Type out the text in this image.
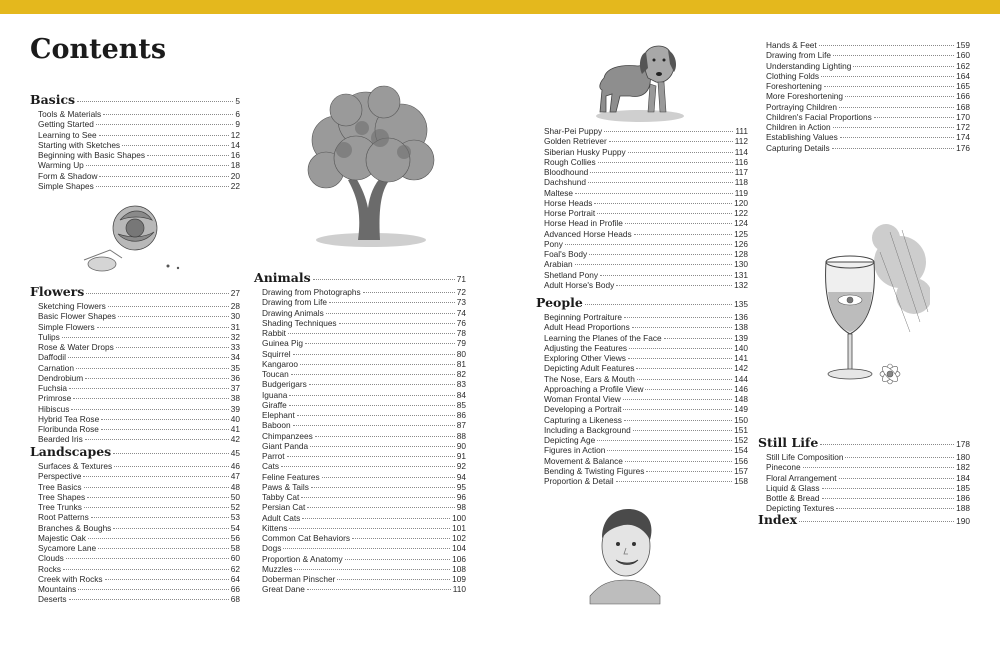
Contents
Basics	5
Tools & Materials	6
Getting Started	9
Learning to See	12
Starting with Sketches	14
Beginning with Basic Shapes	16
Warming Up	18
Form & Shadow	20
Simple Shapes	22
Flowers	27
Sketching Flowers	28
Basic Flower Shapes	30
Simple Flowers	31
Tulips	32
Rose & Water Drops	33
Daffodil	34
Carnation	35
Dendrobium	36
Fuchsia	37
Primrose	38
Hibiscus	39
Hybrid Tea Rose	40
Floribunda Rose	41
Bearded Iris	42
Landscapes	45
Surfaces & Textures	46
Perspective	47
Tree Basics	48
Tree Shapes	50
Tree Trunks	52
Root Patterns	53
Branches & Boughs	54
Majestic Oak	56
Sycamore Lane	58
Clouds	60
Rocks	62
Creek with Rocks	64
Mountains	66
Deserts	68
Animals	71
Drawing from Photographs	72
Drawing from Life	73
Drawing Animals	74
Shading Techniques	76
Rabbit	78
Guinea Pig	79
Squirrel	80
Kangaroo	81
Toucan	82
Budgerigars	83
Iguana	84
Giraffe	85
Elephant	86
Baboon	87
Chimpanzees	88
Giant Panda	90
Parrot	91
Cats	92
Feline Features	94
Paws & Tails	95
Tabby Cat	96
Persian Cat	98
Adult Cats	100
Kittens	101
Common Cat Behaviors	102
Dogs	104
Proportion & Anatomy	106
Muzzles	108
Doberman Pinscher	109
Great Dane	110
Shar-Pei Puppy	111
Golden Retriever	112
Siberian Husky Puppy	114
Rough Collies	116
Bloodhound	117
Dachshund	118
Maltese	119
Horse Heads	120
Horse Portrait	122
Horse Head in Profile	124
Advanced Horse Heads	125
Pony	126
Foal's Body	128
Arabian	130
Shetland Pony	131
Adult Horse's Body	132
People	135
Beginning Portraiture	136
Adult Head Proportions	138
Learning the Planes of the Face	139
Adjusting the Features	140
Exploring Other Views	141
Depicting Adult Features	142
The Nose, Ears & Mouth	144
Approaching a Profile View	146
Woman Frontal View	148
Developing a Portrait	149
Capturing a Likeness	150
Including a Background	151
Depicting Age	152
Figures in Action	154
Movement & Balance	156
Bending & Twisting Figures	157
Proportion & Detail	158
Hands & Feet	159
Drawing from Life	160
Understanding Lighting	162
Clothing Folds	164
Foreshortening	165
More Foreshortening	166
Portraying Children	168
Children's Facial Proportions	170
Children in Action	172
Establishing Values	174
Capturing Details	176
Still Life	178
Still Life Composition	180
Pinecone	182
Floral Arrangement	184
Liquid & Glass	185
Bottle & Bread	186
Depicting Textures	188
Index	190
